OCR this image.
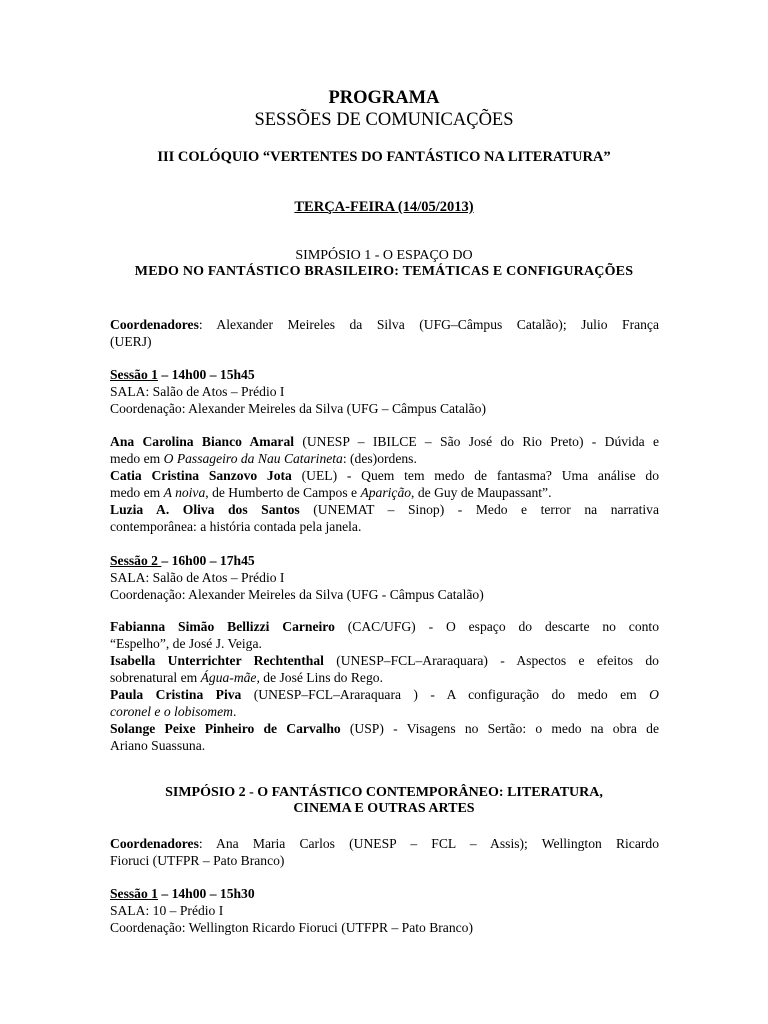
PROGRAMA
SESSÕES DE COMUNICAÇÕES
III COLÓQUIO “VERTENTES DO FANTÁSTICO NA LITERATURA”
TERÇA-FEIRA (14/05/2013)
SIMPÓSIO 1 - O ESPAÇO DO
MEDO NO FANTÁSTICO BRASILEIRO: TEMÁTICAS E CONFIGURAÇÕES

Coordenadores: Alexander Meireles da Silva (UFG–Câmpus Catalão); Julio França

(UERJ)

Sessão 1 – 14h00 – 15h45

SALA: Salão de Atos – Prédio I

Coordenação: Alexander Meireles da Silva (UFG – Câmpus Catalão)

Ana Carolina Bianco Amaral (UNESP – IBILCE – São José do Rio Preto) - Dúvida e

medo em O Passageiro da Nau Catarineta: (des)ordens.

Catia Cristina Sanzovo Jota (UEL) - Quem tem medo de fantasma? Uma análise do

medo em A noiva, de Humberto de Campos e Aparição, de Guy de Maupassant”.

Luzia A. Oliva dos Santos (UNEMAT – Sinop) - Medo e terror na narrativa

contemporânea: a história contada pela janela.

Sessão 2 – 16h00 – 17h45

SALA: Salão de Atos – Prédio I

Coordenação: Alexander Meireles da Silva (UFG - Câmpus Catalão)

Fabianna Simão Bellizzi Carneiro (CAC/UFG) - O espaço do descarte no conto

“Espelho”, de José J. Veiga.

Isabella Unterrichter Rechtenthal (UNESP–FCL–Araraquara) - Aspectos e efeitos do

sobrenatural em Água-mãe, de José Lins do Rego.

Paula Cristina Piva (UNESP–FCL–Araraquara ) - A configuração do medo em O

coronel e o lobisomem.

Solange Peixe Pinheiro de Carvalho (USP) - Visagens no Sertão: o medo na obra de

Ariano Suassuna.

SIMPÓSIO 2 - O FANTÁSTICO CONTEMPORÂNEO: LITERATURA,
CINEMA E OUTRAS ARTES

Coordenadores: Ana Maria Carlos (UNESP – FCL – Assis); Wellington Ricardo

Fioruci (UTFPR – Pato Branco)

Sessão 1 – 14h00 – 15h30

SALA: 10 – Prédio I

Coordenação: Wellington Ricardo Fioruci (UTFPR – Pato Branco)
